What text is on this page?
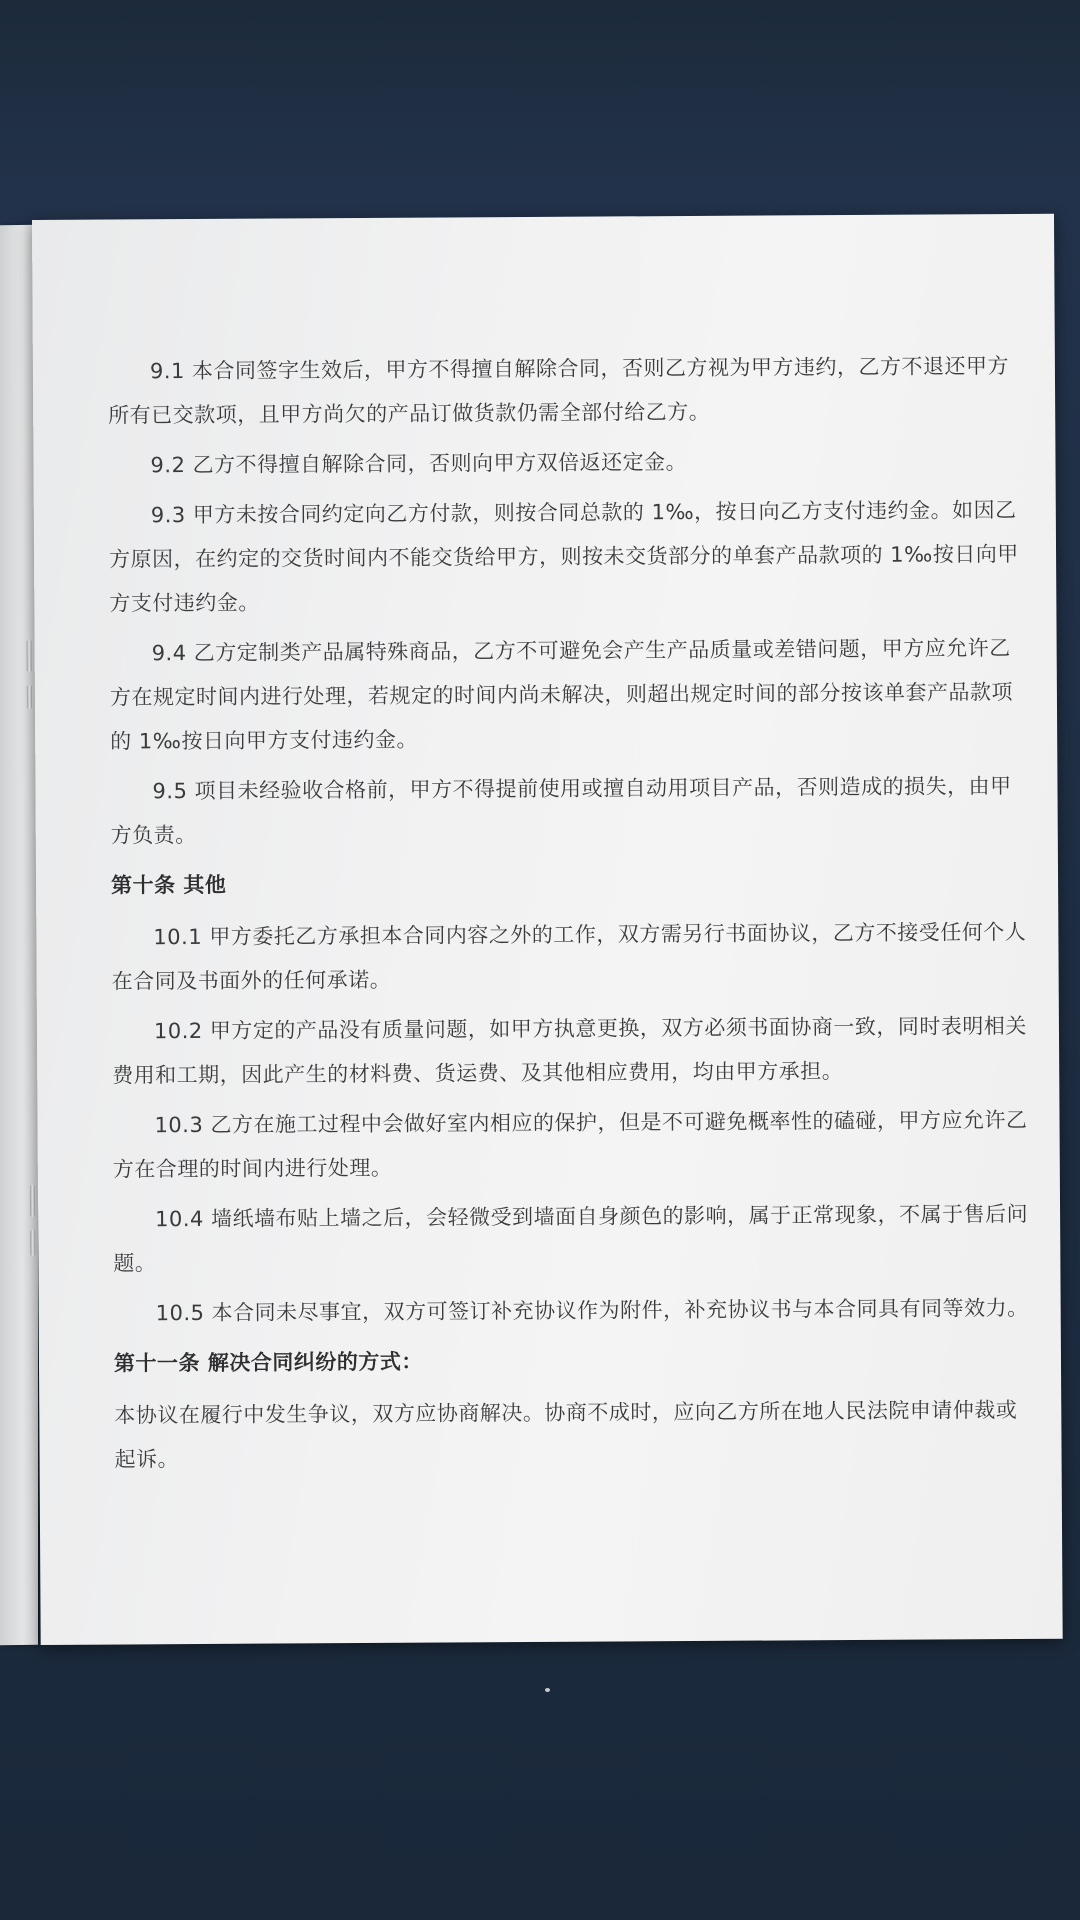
9.1 本合同签字生效后，甲方不得擅自解除合同，否则乙方视为甲方违约，乙方不退还甲方所有已交款项，且甲方尚欠的产品订做货款仍需全部付给乙方。

9.2 乙方不得擅自解除合同，否则向甲方双倍返还定金。

9.3 甲方未按合同约定向乙方付款，则按合同总款的 1‰，按日向乙方支付违约金。如因乙方原因，在约定的交货时间内不能交货给甲方，则按未交货部分的单套产品款项的 1‰按日向甲方支付违约金。

9.4 乙方定制类产品属特殊商品，乙方不可避免会产生产品质量或差错问题，甲方应允许乙方在规定时间内进行处理，若规定的时间内尚未解决，则超出规定时间的部分按该单套产品款项的 1‰按日向甲方支付违约金。

9.5 项目未经验收合格前，甲方不得提前使用或擅自动用项目产品，否则造成的损失，由甲方负责。

第十条 其他

10.1 甲方委托乙方承担本合同内容之外的工作，双方需另行书面协议，乙方不接受任何个人在合同及书面外的任何承诺。

10.2 甲方定的产品没有质量问题，如甲方执意更换，双方必须书面协商一致，同时表明相关费用和工期，因此产生的材料费、货运费、及其他相应费用，均由甲方承担。

10.3 乙方在施工过程中会做好室内相应的保护，但是不可避免概率性的磕碰，甲方应允许乙方在合理的时间内进行处理。

10.4 墙纸墙布贴上墙之后，会轻微受到墙面自身颜色的影响，属于正常现象，不属于售后问题。

10.5 本合同未尽事宜，双方可签订补充协议作为附件，补充协议书与本合同具有同等效力。

第十一条 解决合同纠纷的方式：

本协议在履行中发生争议，双方应协商解决。协商不成时，应向乙方所在地人民法院申请仲裁或起诉。
